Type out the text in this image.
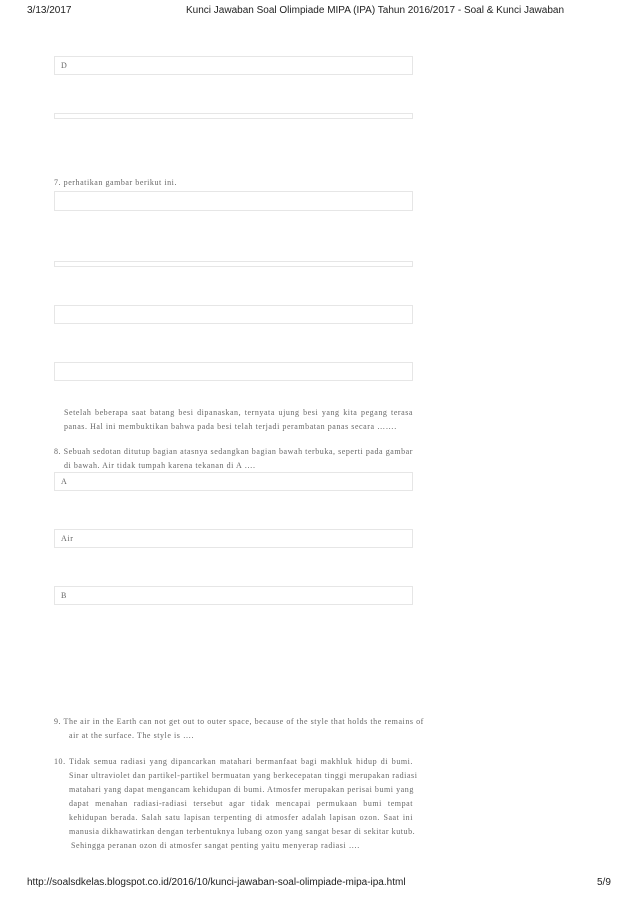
3/13/2017	Kunci Jawaban Soal Olimpiade MIPA (IPA) Tahun 2016/2017 - Soal & Kunci Jawaban
D
7. perhatikan gambar berikut ini.
Setelah beberapa saat batang besi dipanaskan, ternyata ujung besi yang kita pegang terasa
panas. Hal ini membuktikan bahwa pada besi telah terjadi perambatan panas secara …….
8. Sebuah sedotan ditutup bagian atasnya sedangkan bagian bawah terbuka, seperti pada gambar
di bawah. Air tidak tumpah karena tekanan di A ….
A
Air
B
9. The air in the Earth can not get out to outer space, because of the style that holds the remains of
air at the surface. The style is ….
10. Tidak semua radiasi yang dipancarkan matahari bermanfaat bagi makhluk hidup di bumi.
Sinar ultraviolet dan partikel-partikel bermuatan yang berkecepatan tinggi merupakan radiasi
matahari yang dapat mengancam kehidupan di bumi. Atmosfer merupakan perisai bumi yang
dapat menahan radiasi-radiasi tersebut agar tidak mencapai permukaan bumi tempat
kehidupan berada. Salah satu lapisan terpenting di atmosfer adalah lapisan ozon. Saat ini
manusia dikhawatirkan dengan terbentuknya lubang ozon yang sangat besar di sekitar kutub.
Sehingga peranan ozon di atmosfer sangat penting yaitu menyerap radiasi ….
http://soalsdkelas.blogspot.co.id/2016/10/kunci-jawaban-soal-olimpiade-mipa-ipa.html	5/9
